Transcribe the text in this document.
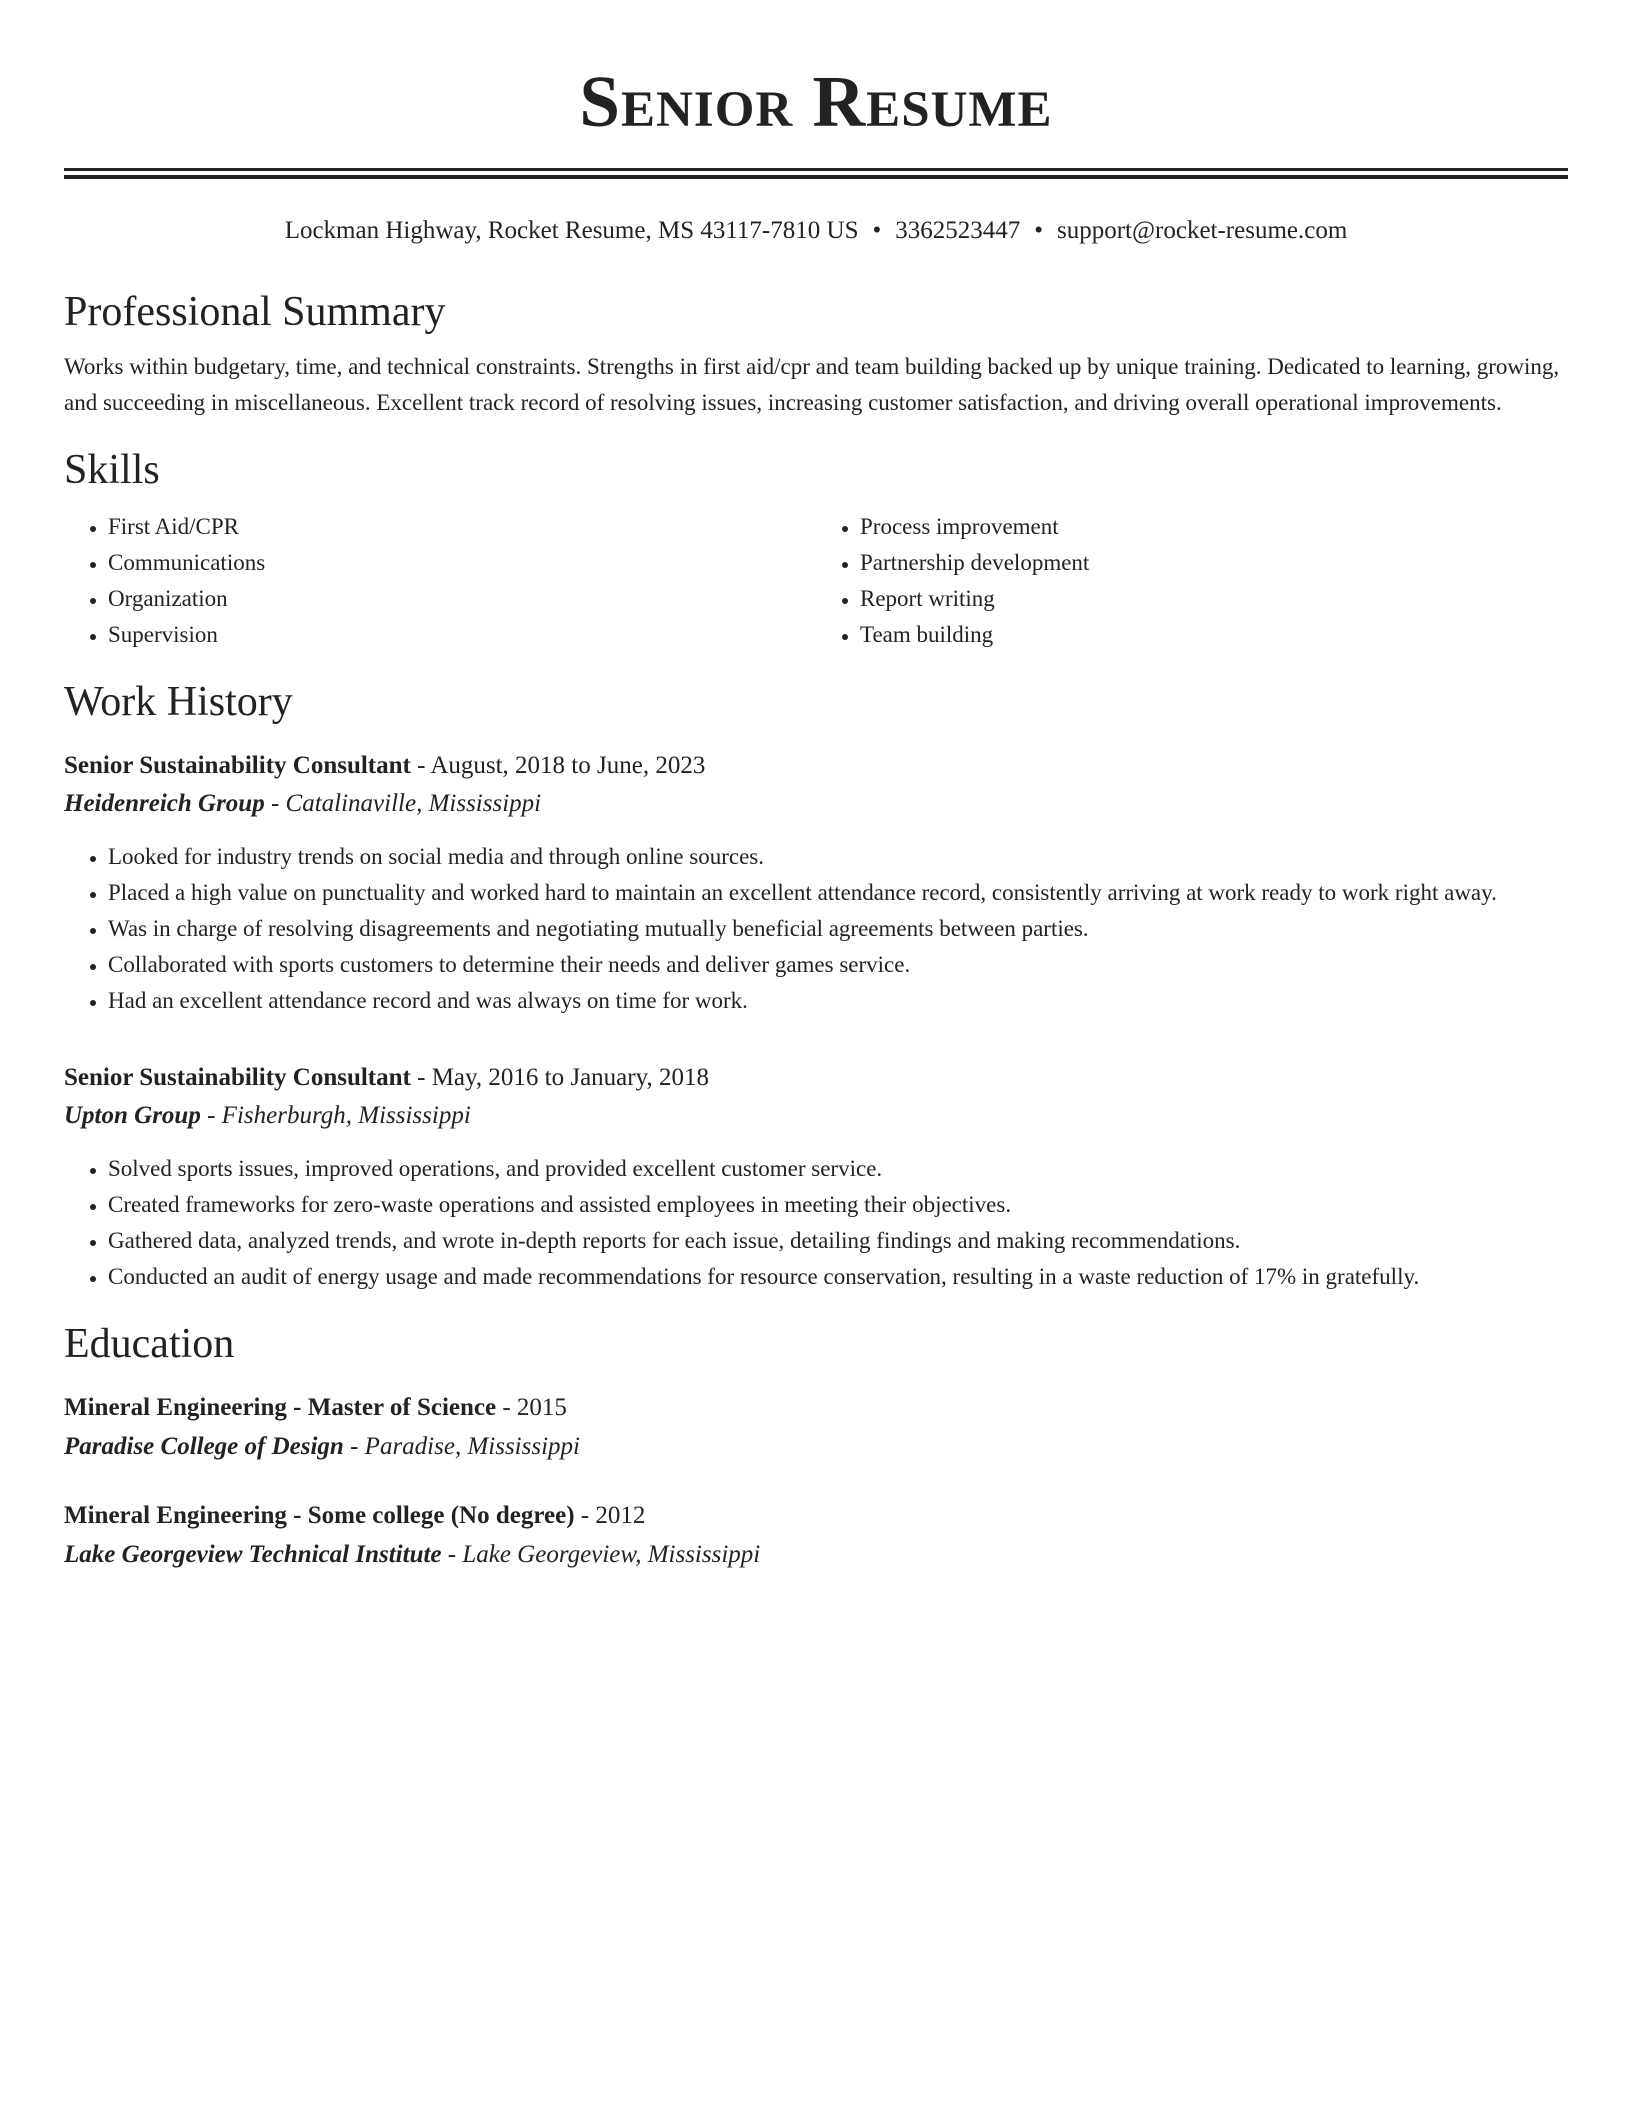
Senior Resume
Lockman Highway, Rocket Resume, MS 43117-7810 US • 3362523447 • support@rocket-resume.com
Professional Summary

Works within budgetary, time, and technical constraints. Strengths in first aid/cpr and team building backed up by unique training. Dedicated to learning, growing, and succeeding in miscellaneous. Excellent track record of resolving issues, increasing customer satisfaction, and driving overall operational improvements.

Skills
• First Aid/CPR
• Communications
• Organization
• Supervision
• Process improvement
• Partnership development
• Report writing
• Team building
Work History
Senior Sustainability Consultant - August, 2018 to June, 2023
Heidenreich Group - Catalinaville, Mississippi
• Looked for industry trends on social media and through online sources.
• Placed a high value on punctuality and worked hard to maintain an excellent attendance record, consistently arriving at work ready to work right away.
• Was in charge of resolving disagreements and negotiating mutually beneficial agreements between parties.
• Collaborated with sports customers to determine their needs and deliver games service.
• Had an excellent attendance record and was always on time for work.
Senior Sustainability Consultant - May, 2016 to January, 2018
Upton Group - Fisherburgh, Mississippi
• Solved sports issues, improved operations, and provided excellent customer service.
• Created frameworks for zero-waste operations and assisted employees in meeting their objectives.
• Gathered data, analyzed trends, and wrote in-depth reports for each issue, detailing findings and making recommendations.
• Conducted an audit of energy usage and made recommendations for resource conservation, resulting in a waste reduction of 17% in gratefully.
Education
Mineral Engineering - Master of Science - 2015
Paradise College of Design - Paradise, Mississippi
Mineral Engineering - Some college (No degree) - 2012
Lake Georgeview Technical Institute - Lake Georgeview, Mississippi
